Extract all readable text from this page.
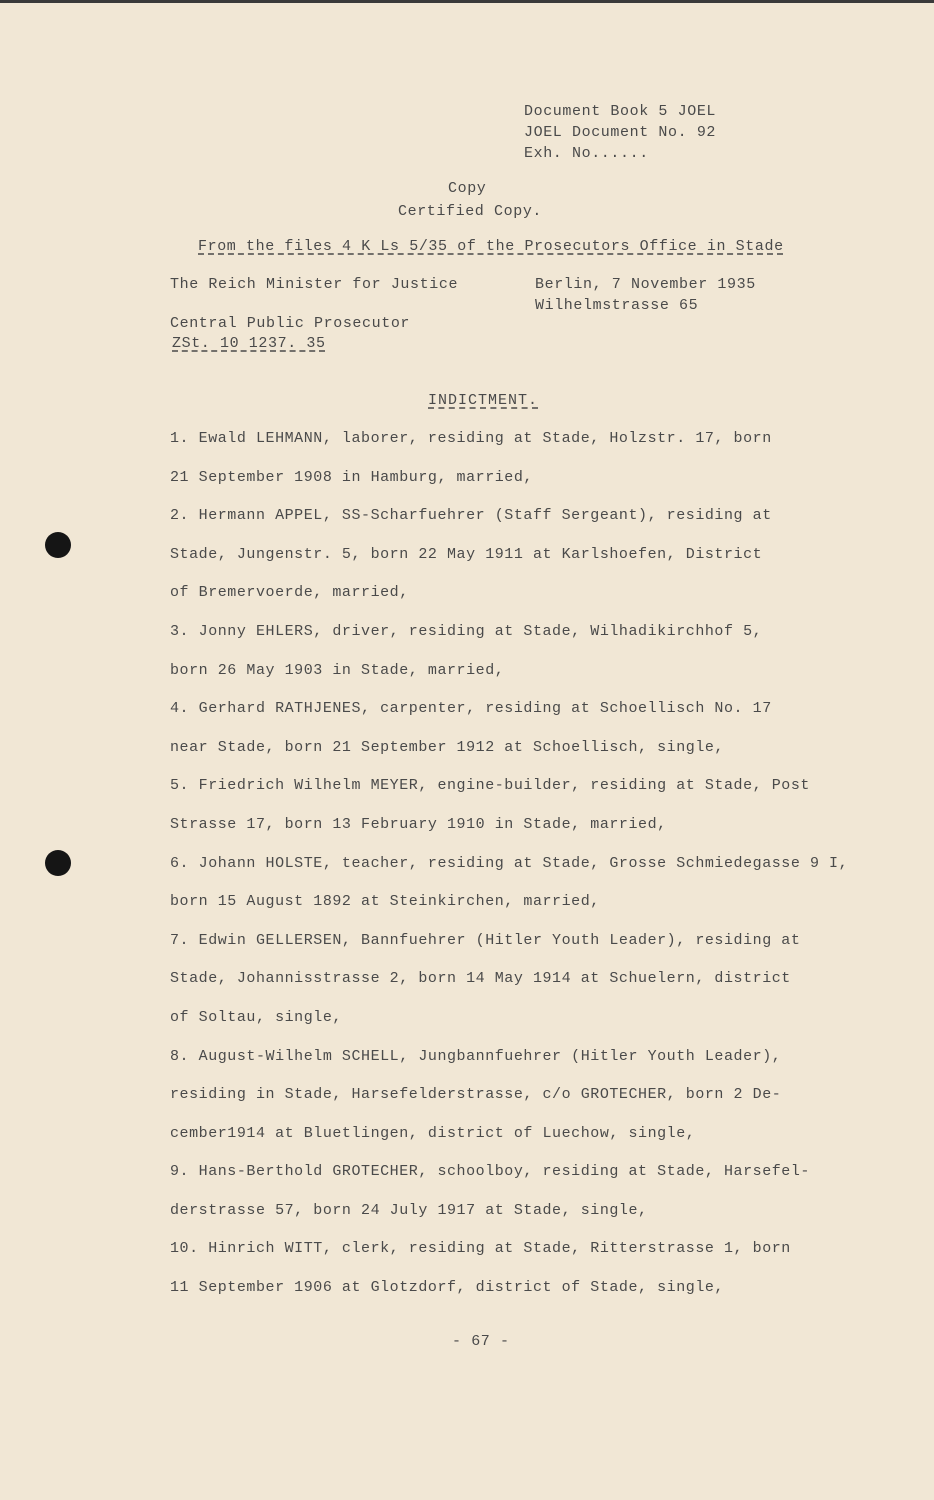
Document Book 5 JOEL
JOEL Document No. 92
Exh. No......
Copy
Certified Copy.
From the files 4 K Ls 5/35 of the Prosecutors Office in Stade
The Reich Minister for Justice	Berlin, 7 November 1935
Wilhelmstrasse 65
Central Public Prosecutor
ZSt. 10 1237. 35
INDICTMENT.
1. Ewald LEHMANN, laborer, residing at Stade, Holzstr. 17, born
21 September 1908 in Hamburg, married,
2. Hermann APPEL, SS-Scharfuehrer (Staff Sergeant), residing at
Stade, Jungenstr. 5, born 22 May 1911 at Karlshoefen, District
of Bremervoerde, married,
3. Jonny EHLERS, driver, residing at Stade, Wilhadikirchhof 5,
born 26 May 1903 in Stade, married,
4. Gerhard RATHJENES, carpenter, residing at Schoellisch No. 17
near Stade, born 21 September 1912 at Schoellisch, single,
5. Friedrich Wilhelm MEYER, engine-builder, residing at Stade, Post
Strasse 17, born 13 February 1910 in Stade, married,
6. Johann HOLSTE, teacher, residing at Stade, Grosse Schmiedegasse 9 I,
born 15 August 1892 at Steinkirchen, married,
7. Edwin GELLERSEN, Bannfuehrer (Hitler Youth Leader), residing at
Stade, Johannisstrasse 2, born 14 May 1914 at Schuelern, district
of Soltau, single,
8. August-Wilhelm SCHELL, Jungbannfuehrer (Hitler Youth Leader),
residing in Stade, Harsefelderstrasse, c/o GROTECHER, born 2 De-
cember1914 at Bluetlingen, district of Luechow, single,
9. Hans-Berthold GROTECHER, schoolboy, residing at Stade, Harsefel-
derstrasse 57, born 24 July 1917 at Stade, single,
10. Hinrich WITT, clerk, residing at Stade, Ritterstrasse 1, born
11 September 1906 at Glotzdorf, district of Stade, single,
- 67 -
